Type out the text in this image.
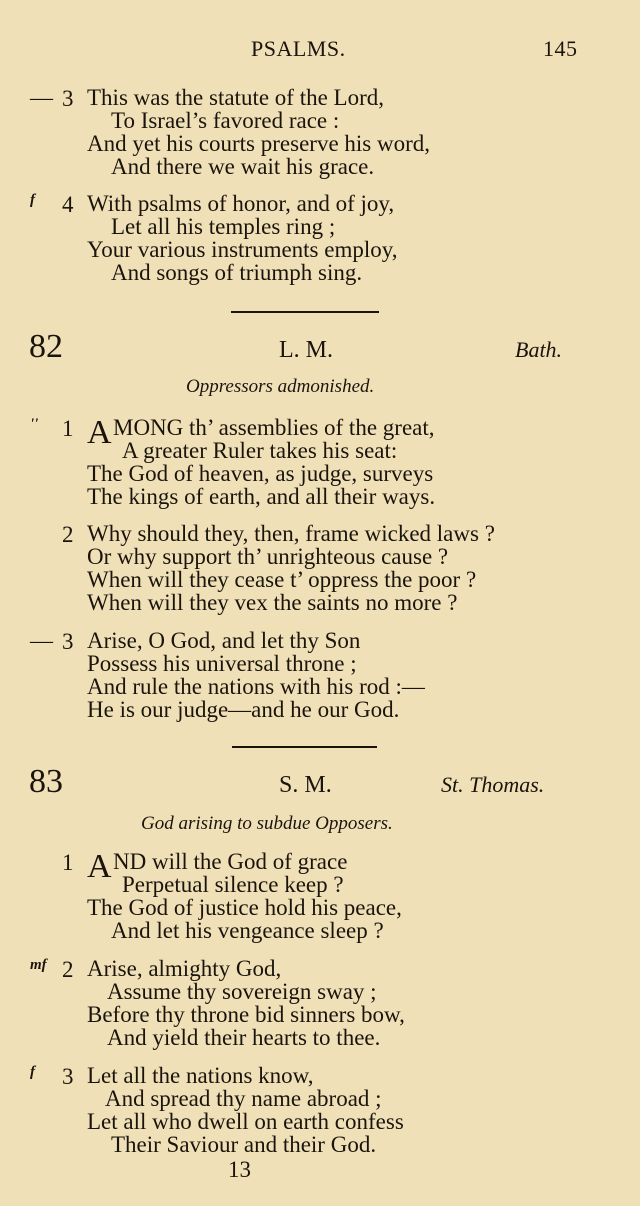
PSALMS.	145
— 3 This was the statute of the Lord,
To Israel’s favored race :
And yet his courts preserve his word,
And there we wait his grace.
f 4 With psalms of honor, and of joy,
Let all his temples ring ;
Your various instruments employ,
And songs of triumph sing.
82	L. M.	Bath.
Oppressors admonished.
'' 1 A MONG th’ assemblies of the great,
A greater Ruler takes his seat:
The God of heaven, as judge, surveys
The kings of earth, and all their ways.
2 Why should they, then, frame wicked laws ?
Or why support th’ unrighteous cause ?
When will they cease t’ oppress the poor ?
When will they vex the saints no more ?
— 3 Arise, O God, and let thy Son
Possess his universal throne ;
And rule the nations with his rod :—
He is our judge—and he our God.
83	S. M.	St. Thomas.
God arising to subdue Opposers.
1 A ND will the God of grace
Perpetual silence keep ?
The God of justice hold his peace,
And let his vengeance sleep ?
mf 2 Arise, almighty God,
Assume thy sovereign sway ;
Before thy throne bid sinners bow,
And yield their hearts to thee.
f 3 Let all the nations know,
And spread thy name abroad ;
Let all who dwell on earth confess
Their Saviour and their God.
13
